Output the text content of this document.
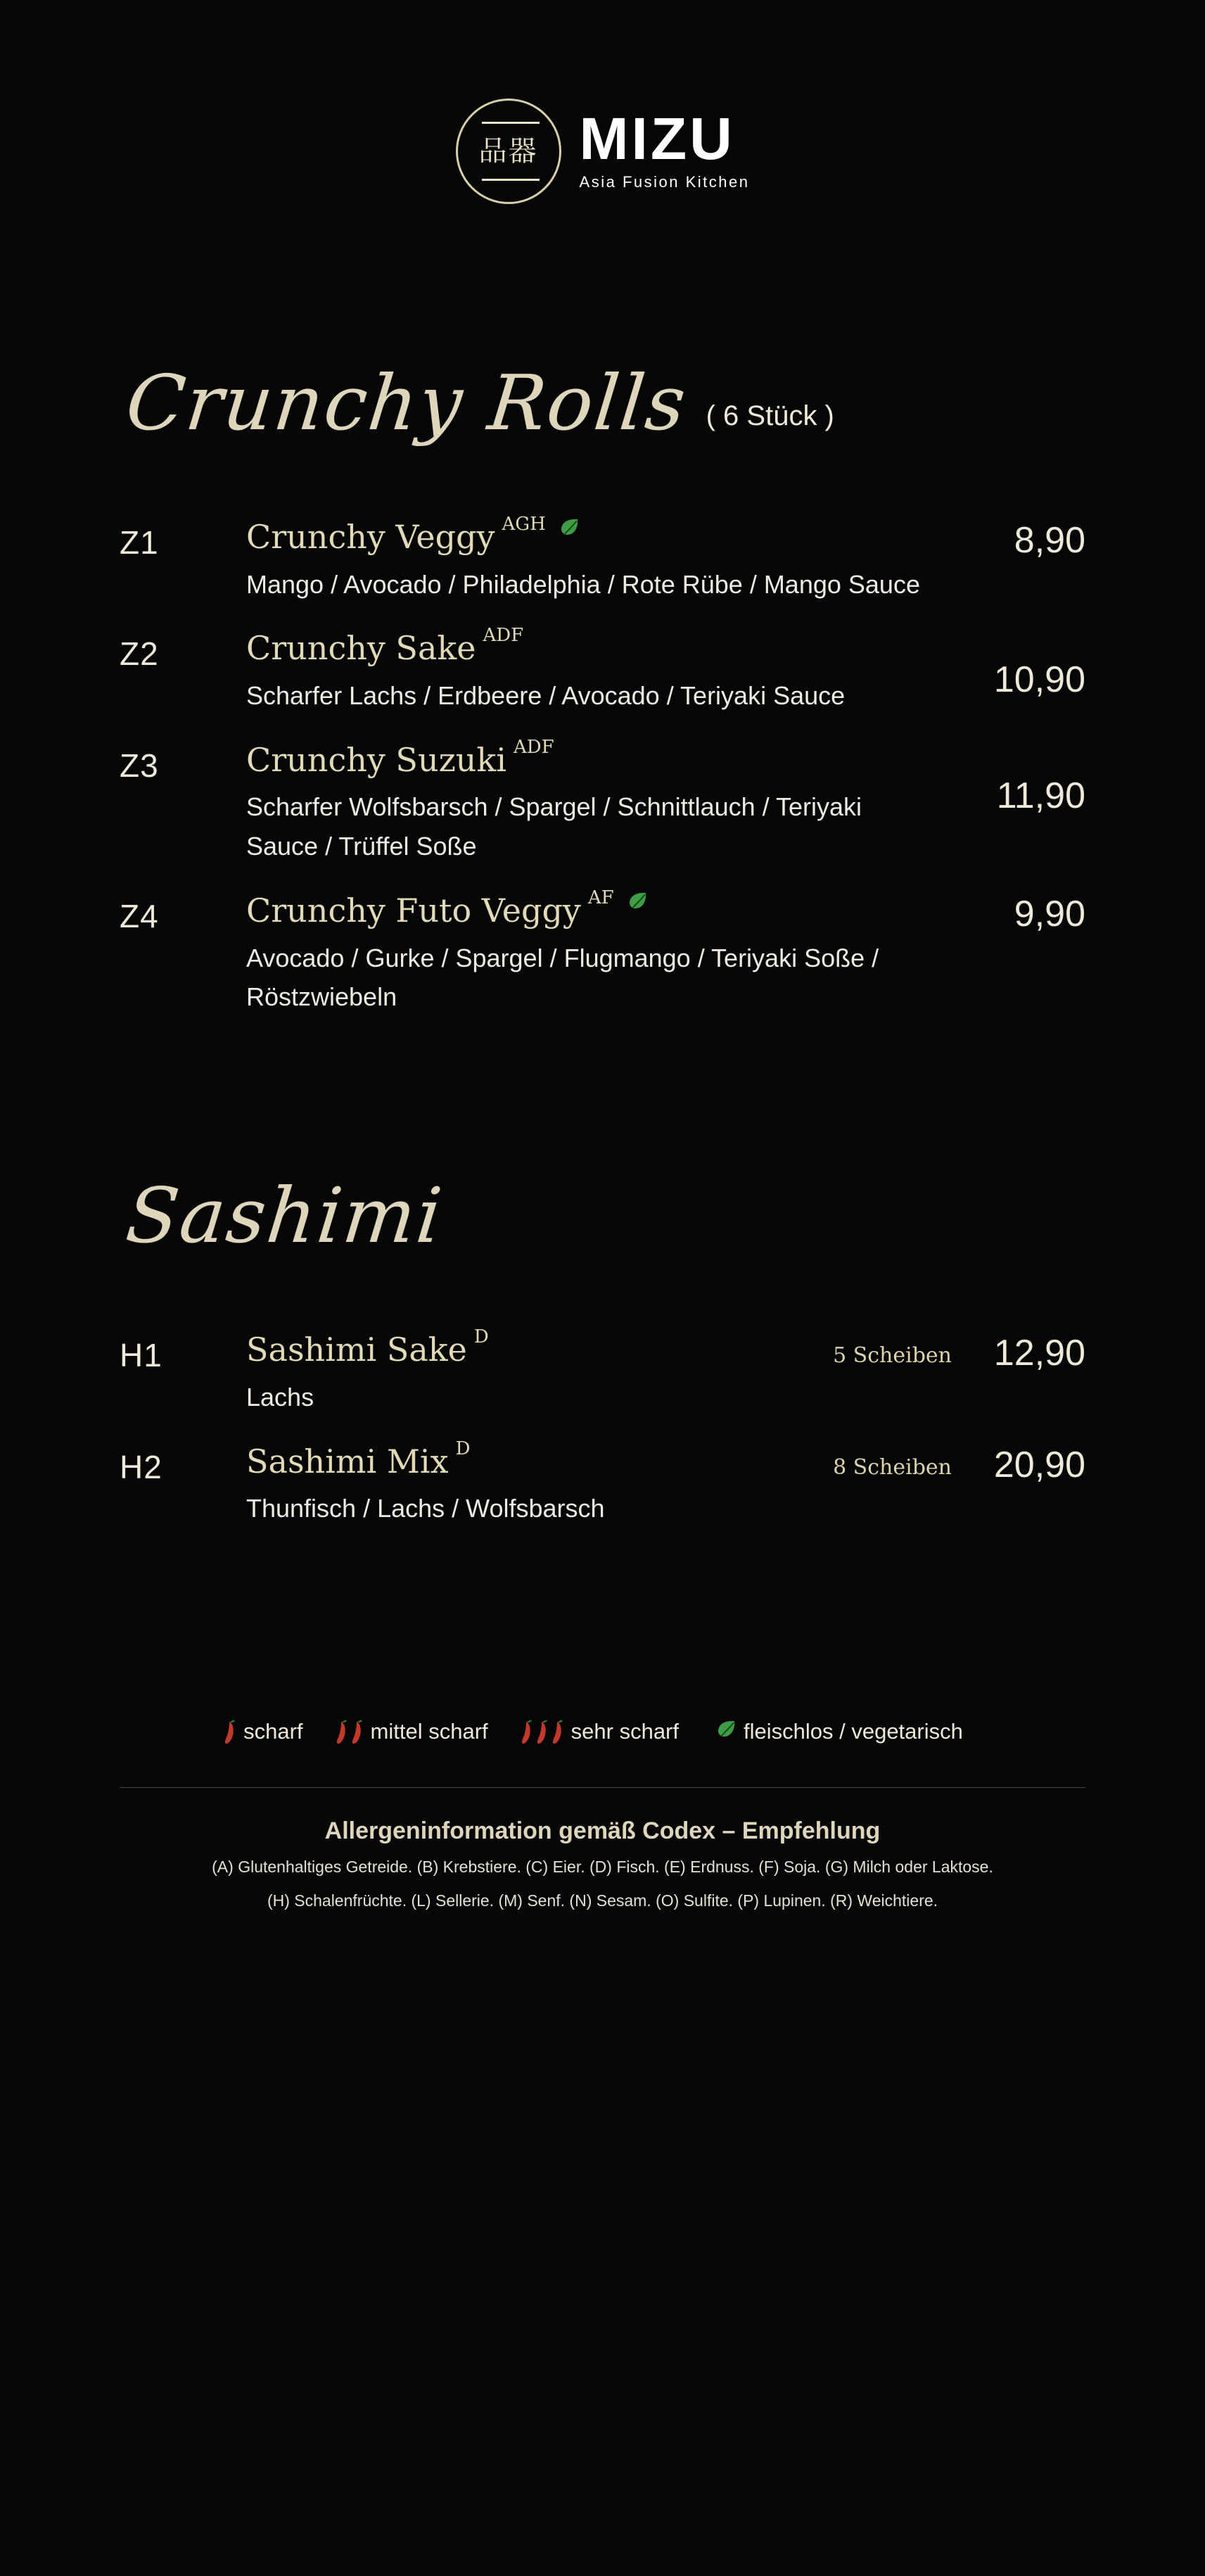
品器 MIZU
Asia Fusion Kitchen
Crunchy Rolls ( 6 Stück )
Z1	Crunchy Veggy AGH
Mango / Avocado / Philadelphia / Rote Rübe / Mango Sauce
8,90
Z2	Crunchy Sake ADF
Scharfer Lachs / Erdbeere / Avocado / Teriyaki Sauce	10,90
Z3	Crunchy Suzuki ADF
Scharfer Wolfsbarsch / Spargel / Schnittlauch / Teriyaki Sauce / Trüffel Soße
11,90
Z4	Crunchy Futo Veggy AF
Avocado / Gurke / Spargel / Flugmango / Teriyaki Soße / Röstzwiebeln
9,90
Sashimi
H1	Sashimi Sake D
Lachs
5 Scheiben	12,90
H2	Sashimi Mix D
Thunfisch / Lachs / Wolfsbarsch
8 Scheiben	20,90
scharf	mittel scharf	sehr scharf	fleischlos / vegetarisch
Allergeninformation gemäß Codex – Empfehlung
(A) Glutenhaltiges Getreide. (B) Krebstiere. (C) Eier. (D) Fisch. (E) Erdnuss. (F) Soja. (G) Milch oder Laktose.
(H) Schalenfrüchte. (L) Sellerie. (M) Senf. (N) Sesam. (O) Sulfite. (P) Lupinen. (R) Weichtiere.
